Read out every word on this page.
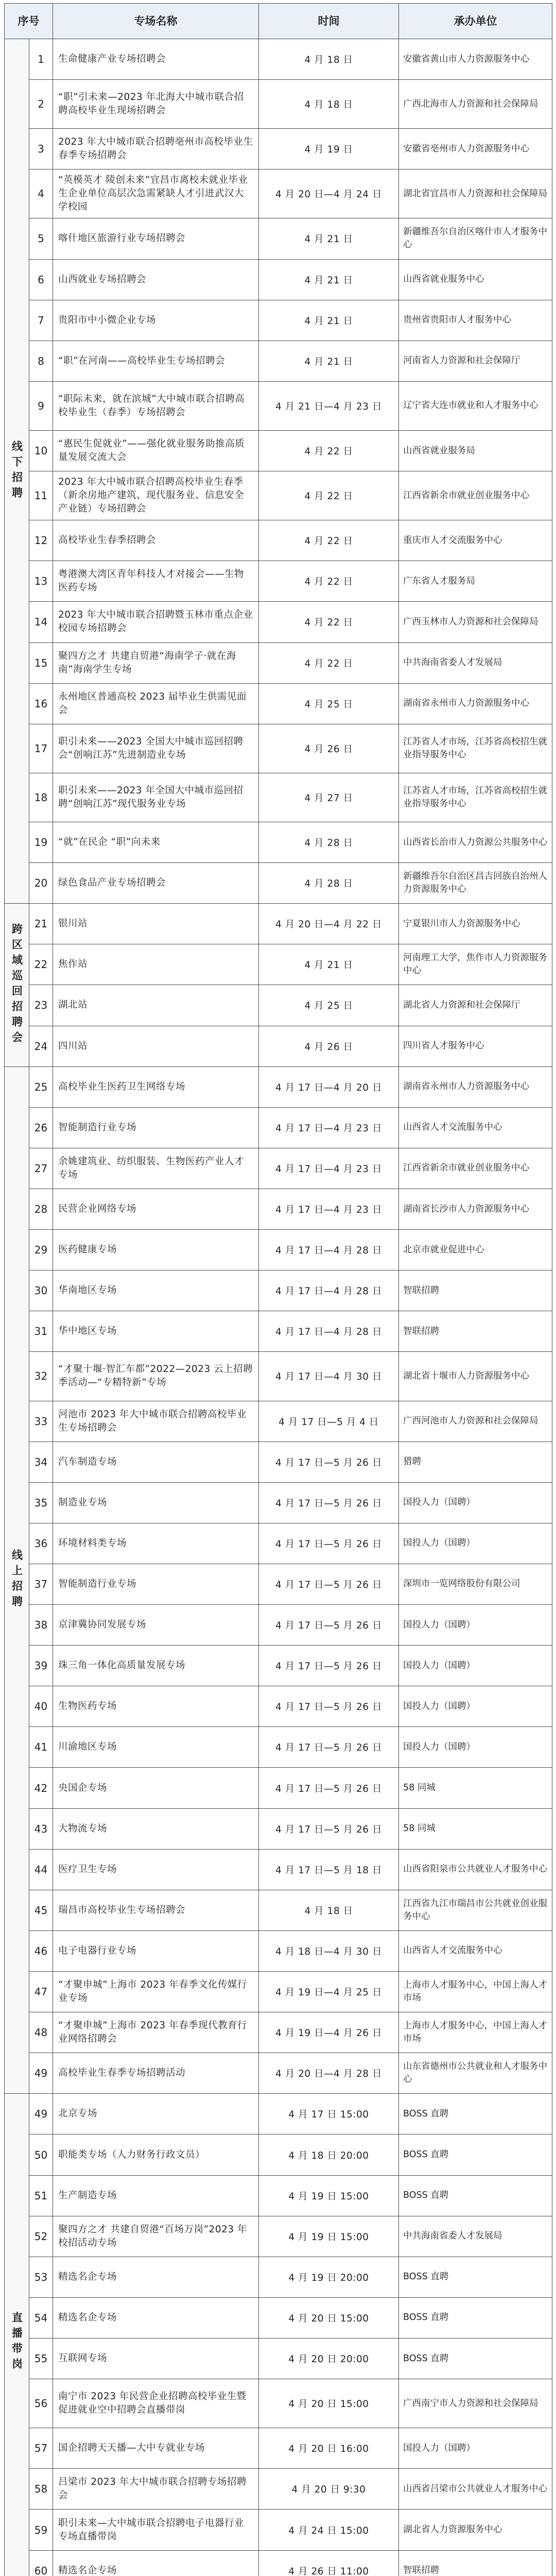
序号		专场名称	时间	承办单位
线下招聘	1	生命健康产业专场招聘会	4 月 18 日	安徽省黄山市人力资源服务中心
	2	“职”引未来—2023 年北海大中城市联合招聘高校毕业生现场招聘会	4 月 18 日	广西北海市人力资源和社会保障局
	3	2023 年大中城市联合招聘亳州市高校毕业生春季专场招聘会	4 月 19 日	安徽省亳州市人力资源服务中心
	4	“英模英才 陵创未来”宜昌市离校未就业毕业生企业单位高层次急需紧缺人才引进武汉大学校园	4 月 20 日—4 月 24 日	湖北省宜昌市人力资源和社会保障局
	5	喀什地区旅游行业专场招聘会	4 月 21 日	新疆维吾尔自治区喀什市人才服务中心
	6	山西就业专场招聘会	4 月 21 日	山西省就业服务中心
	7	贵阳市中小微企业专场	4 月 21 日	贵州省贵阳市人才服务中心
	8	“职”在河南——高校毕业生专场招聘会	4 月 21 日	河南省人力资源和社会保障厅
	9	“职际未来，就在滨城”大中城市联合招聘高校毕业生（春季）专场招聘会	4 月 21 日—4 月 23 日	辽宁省大连市就业和人才服务中心
	10	“惠民生促就业”——强化就业服务助推高质量发展交流大会	4 月 22 日	山西省就业服务局
	11	2023 年大中城市联合招聘高校毕业生春季（新余房地产建筑、现代服务业、信息安全产业链）专场招聘会	4 月 22 日	江西省新余市就业创业服务中心
	12	高校毕业生春季招聘会	4 月 22 日	重庆市人才交流服务中心
	13	粤港澳大湾区青年科技人才对接会——生物医药专场	4 月 22 日	广东省人才服务局
	14	2023 年大中城市联合招聘暨玉林市重点企业校园专场招聘会	4 月 22 日	广西玉林市人力资源和社会保障局
	15	聚四方之才 共建自贸港“海南学子·就在海南”海南学生专场	4 月 22 日	中共海南省委人才发展局
	16	永州地区普通高校 2023 届毕业生供需见面会	4 月 25 日	湖南省永州市人力资源服务中心
	17	职引未来——2023 全国大中城市巡回招聘会“创响江苏”先进制造业专场	4 月 26 日	江苏省人才市场，江苏省高校招生就业指导服务中心
	18	职引未来——2023 年全国大中城市巡回招聘“创响江苏”现代服务业专场	4 月 27 日	江苏省人才市场，江苏省高校招生就业指导服务中心
	19	“就”在民企 “职”向未来	4 月 28 日	山西省长治市人力资源公共服务中心
	20	绿色食品产业专场招聘会	4 月 28 日	新疆维吾尔自治区昌吉回族自治州人力资源服务中心
跨区域巡回招聘会	21	银川站	4 月 20 日—4 月 22 日	宁夏银川市人力资源服务中心
	22	焦作站	4 月 21 日	河南理工大学，焦作市人力资源服务中心
	23	湖北站	4 月 25 日	湖北省人力资源和社会保障厅
	24	四川站	4 月 26 日	四川省人才服务中心
线上招聘	25	高校毕业生医药卫生网络专场	4 月 17 日—4 月 20 日	湖南省永州市人力资源服务中心
	26	智能制造行业专场	4 月 17 日—4 月 23 日	山西省人才交流服务中心
	27	余姚建筑业、纺织服装、生物医药产业人才专场	4 月 17 日—4 月 23 日	江西省新余市就业创业服务中心
	28	民营企业网络专场	4 月 17 日—4 月 23 日	湖南省长沙市人力资源服务中心
	29	医药健康专场	4 月 17 日—4 月 28 日	北京市就业促进中心
	30	华南地区专场	4 月 17 日—4 月 28 日	智联招聘
	31	华中地区专场	4 月 17 日—4 月 28 日	智联招聘
	32	“才聚十堰·智汇车都”2022—2023 云上招聘季活动—“专精特新”专场	4 月 17 日—4 月 30 日	湖北省十堰市人力资源服务中心
	33	河池市 2023 年大中城市联合招聘高校毕业生专场招聘会	4 月 17 日—5 月 4 日	广西河池市人力资源和社会保障局
	34	汽车制造专场	4 月 17 日—5 月 26 日	猎聘
	35	制造业专场	4 月 17 日—5 月 26 日	国投人力（国聘）
	36	环境材料类专场	4 月 17 日—5 月 26 日	国投人力（国聘）
	37	智能制造行业专场	4 月 17 日—5 月 26 日	深圳市一览网络股份有限公司
	38	京津冀协同发展专场	4 月 17 日—5 月 26 日	国投人力（国聘）
	39	珠三角一体化高质量发展专场	4 月 17 日—5 月 26 日	国投人力（国聘）
	40	生物医药专场	4 月 17 日—5 月 26 日	国投人力（国聘）
	41	川渝地区专场	4 月 17 日—5 月 26 日	国投人力（国聘）
	42	央国企专场	4 月 17 日—5 月 26 日	58 同城
	43	大物流专场	4 月 17 日—5 月 26 日	58 同城
	44	医疗卫生专场	4 月 17 日—5 月 18 日	山西省阳泉市公共就业人才服务中心
	45	瑞昌市高校毕业生专场招聘会	4 月 18 日	江西省九江市瑞昌市公共就业创业服务中心
	46	电子电器行业专场	4 月 18 日—4 月 30 日	山西省人才交流服务中心
	47	“才聚申城”上海市 2023 年春季文化传媒行业专场	4 月 19 日—4 月 25 日	上海市人才服务中心，中国上海人才市场
	48	“才聚申城”上海市 2023 年春季现代教育行业网络招聘会	4 月 19 日—4 月 26 日	上海市人才服务中心，中国上海人才市场
	49	高校毕业生春季专场招聘活动	4 月 20 日—4 月 28 日	山东省德州市公共就业和人才服务中心
直播带岗	49	北京专场	4 月 17 日 15:00	BOSS 直聘
	50	职能类专场（人力财务行政文员）	4 月 18 日 20:00	BOSS 直聘
	51	生产制造专场	4 月 19 日 15:00	BOSS 直聘
	52	聚四方之才 共建自贸港“百场万岗”2023 年校招活动专场	4 月 19 日 15:00	中共海南省委人才发展局
	53	精选名企专场	4 月 19 日 20:00	BOSS 直聘
	54	精选名企专场	4 月 20 日 15:00	BOSS 直聘
	55	互联网专场	4 月 20 日 20:00	BOSS 直聘
	56	南宁市 2023 年民营企业招聘高校毕业生暨促进就业空中招聘会直播带岗	4 月 20 日 15:00	广西南宁市人力资源和社会保障局
	57	国企招聘天天播—大中专就业专场	4 月 20 日 16:00	国投人力（国聘）
	58	吕梁市 2023 年大中城市联合招聘专场招聘会	4 月 20 日 9:30	山西省吕梁市公共就业人才服务中心
	59	职引未来—大中城市联合招聘电子电器行业专场直播带岗	4 月 24 日 15:00	湖北省人力资源服务中心
	60	精选名企专场	4 月 26 日 11:00	智联招聘
